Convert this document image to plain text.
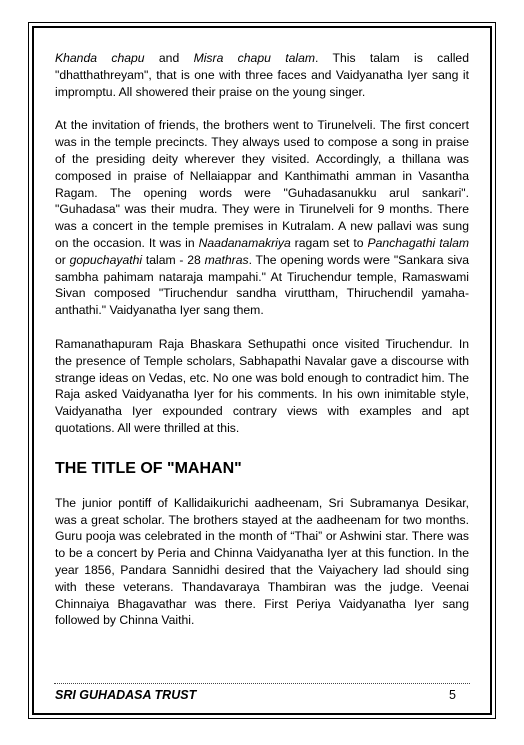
Khanda chapu and Misra chapu talam. This talam is called "dhatthathreyam", that is one with three faces and Vaidyanatha Iyer sang it impromptu. All showered their praise on the young singer.

At the invitation of friends, the brothers went to Tirunelveli. The first concert was in the temple precincts. They always used to compose a song in praise of the presiding deity wherever they visited. Accordingly, a thillana was composed in praise of Nellaiappar and Kanthimathi amman in Vasantha Ragam. The opening words were "Guhadasanukku arul sankari". "Guhadasa" was their mudra. They were in Tirunelveli for 9 months. There was a concert in the temple premises in Kutralam. A new pallavi was sung on the occasion. It was in Naadanamakriya ragam set to Panchagathi talam or gopuchayathi talam - 28 mathras. The opening words were "Sankara siva sambha pahimam nataraja mampahi." At Tiruchendur temple, Ramaswami Sivan composed "Tiruchendur sandha viruttham, Thiruchendil yamaha-anthathi." Vaidyanatha Iyer sang them.

Ramanathapuram Raja Bhaskara Sethupathi once visited Tiruchendur. In the presence of Temple scholars, Sabhapathi Navalar gave a discourse with strange ideas on Vedas, etc. No one was bold enough to contradict him. The Raja asked Vaidyanatha Iyer for his comments. In his own inimitable style, Vaidyanatha Iyer expounded contrary views with examples and apt quotations. All were thrilled at this.

THE TITLE OF "MAHAN"

The junior pontiff of Kallidaikurichi aadheenam, Sri Subramanya Desikar, was a great scholar. The brothers stayed at the aadheenam for two months. Guru pooja was celebrated in the month of “Thai” or Ashwini star. There was to be a concert by Peria and Chinna Vaidyanatha Iyer at this function. In the year 1856, Pandara Sannidhi desired that the Vaiyachery lad should sing with these veterans. Thandavaraya Thambiran was the judge. Veenai Chinnaiya Bhagavathar was there. First Periya Vaidyanatha Iyer sang followed by Chinna Vaithi.

SRI GUHADASA TRUST	5
